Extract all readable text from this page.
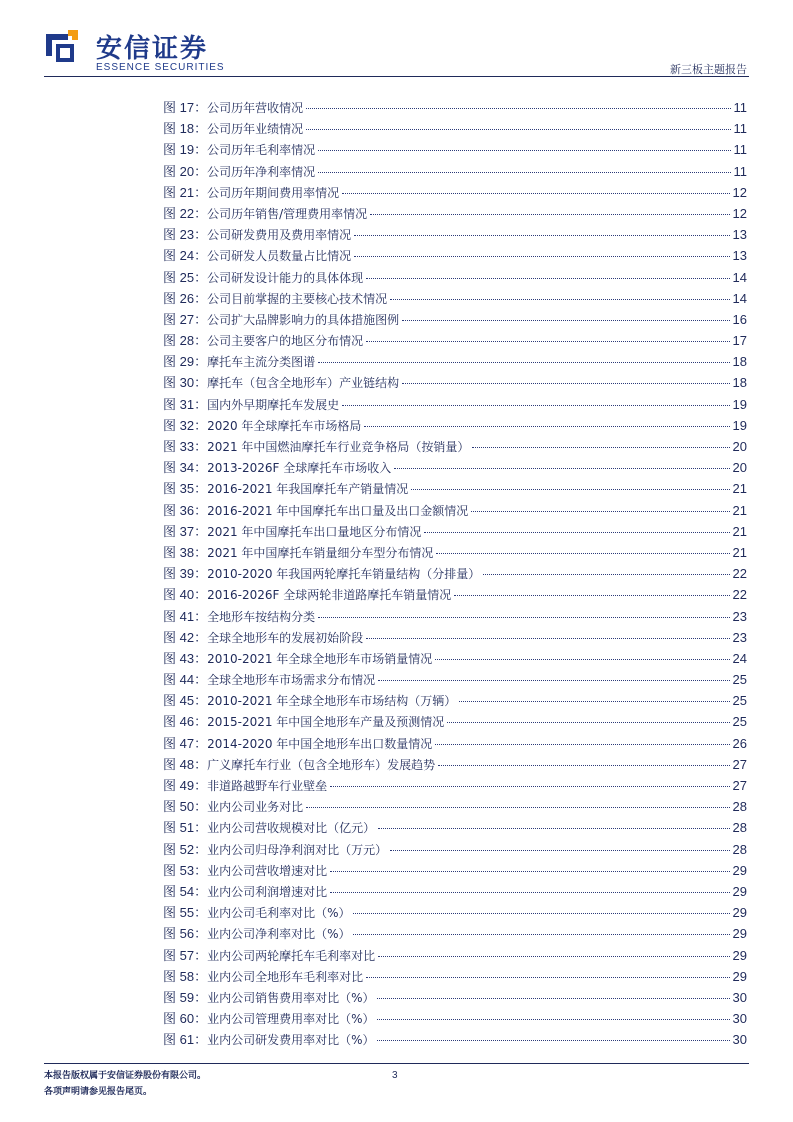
安信证券
ESSENCE SECURITIES	新三板主题报告
图 17： 公司历年营收情况	11
图 18： 公司历年业绩情况	11
图 19： 公司历年毛利率情况	11
图 20： 公司历年净利率情况	11
图 21： 公司历年期间费用率情况	12
图 22： 公司历年销售/管理费用率情况	12
图 23： 公司研发费用及费用率情况	13
图 24： 公司研发人员数量占比情况	13
图 25： 公司研发设计能力的具体体现	14
图 26： 公司目前掌握的主要核心技术情况	14
图 27： 公司扩大品牌影响力的具体措施图例	16
图 28： 公司主要客户的地区分布情况	17
图 29： 摩托车主流分类图谱	18
图 30： 摩托车（包含全地形车）产业链结构	18
图 31： 国内外早期摩托车发展史	19
图 32： 2020 年全球摩托车市场格局	19
图 33： 2021 年中国燃油摩托车行业竞争格局（按销量）	20
图 34： 2013-2026F 全球摩托车市场收入	20
图 35： 2016-2021 年我国摩托车产销量情况	21
图 36： 2016-2021 年中国摩托车出口量及出口金额情况	21
图 37： 2021 年中国摩托车出口量地区分布情况	21
图 38： 2021 年中国摩托车销量细分车型分布情况	21
图 39： 2010-2020 年我国两轮摩托车销量结构（分排量）	22
图 40： 2016-2026F 全球两轮非道路摩托车销量情况	22
图 41： 全地形车按结构分类	23
图 42： 全球全地形车的发展初始阶段	23
图 43： 2010-2021 年全球全地形车市场销量情况	24
图 44： 全球全地形车市场需求分布情况	25
图 45： 2010-2021 年全球全地形车市场结构（万辆）	25
图 46： 2015-2021 年中国全地形车产量及预测情况	25
图 47： 2014-2020 年中国全地形车出口数量情况	26
图 48： 广义摩托车行业（包含全地形车）发展趋势	27
图 49： 非道路越野车行业壁垒	27
图 50： 业内公司业务对比	28
图 51： 业内公司营收规模对比（亿元）	28
图 52： 业内公司归母净利润对比（万元）	28
图 53： 业内公司营收增速对比	29
图 54： 业内公司利润增速对比	29
图 55： 业内公司毛利率对比（%）	29
图 56： 业内公司净利率对比（%）	29
图 57： 业内公司两轮摩托车毛利率对比	29
图 58： 业内公司全地形车毛利率对比	29
图 59： 业内公司销售费用率对比（%）	30
图 60： 业内公司管理费用率对比（%）	30
图 61： 业内公司研发费用率对比（%）	30
本报告版权属于安信证券股份有限公司。
各项声明请参见报告尾页。
3
